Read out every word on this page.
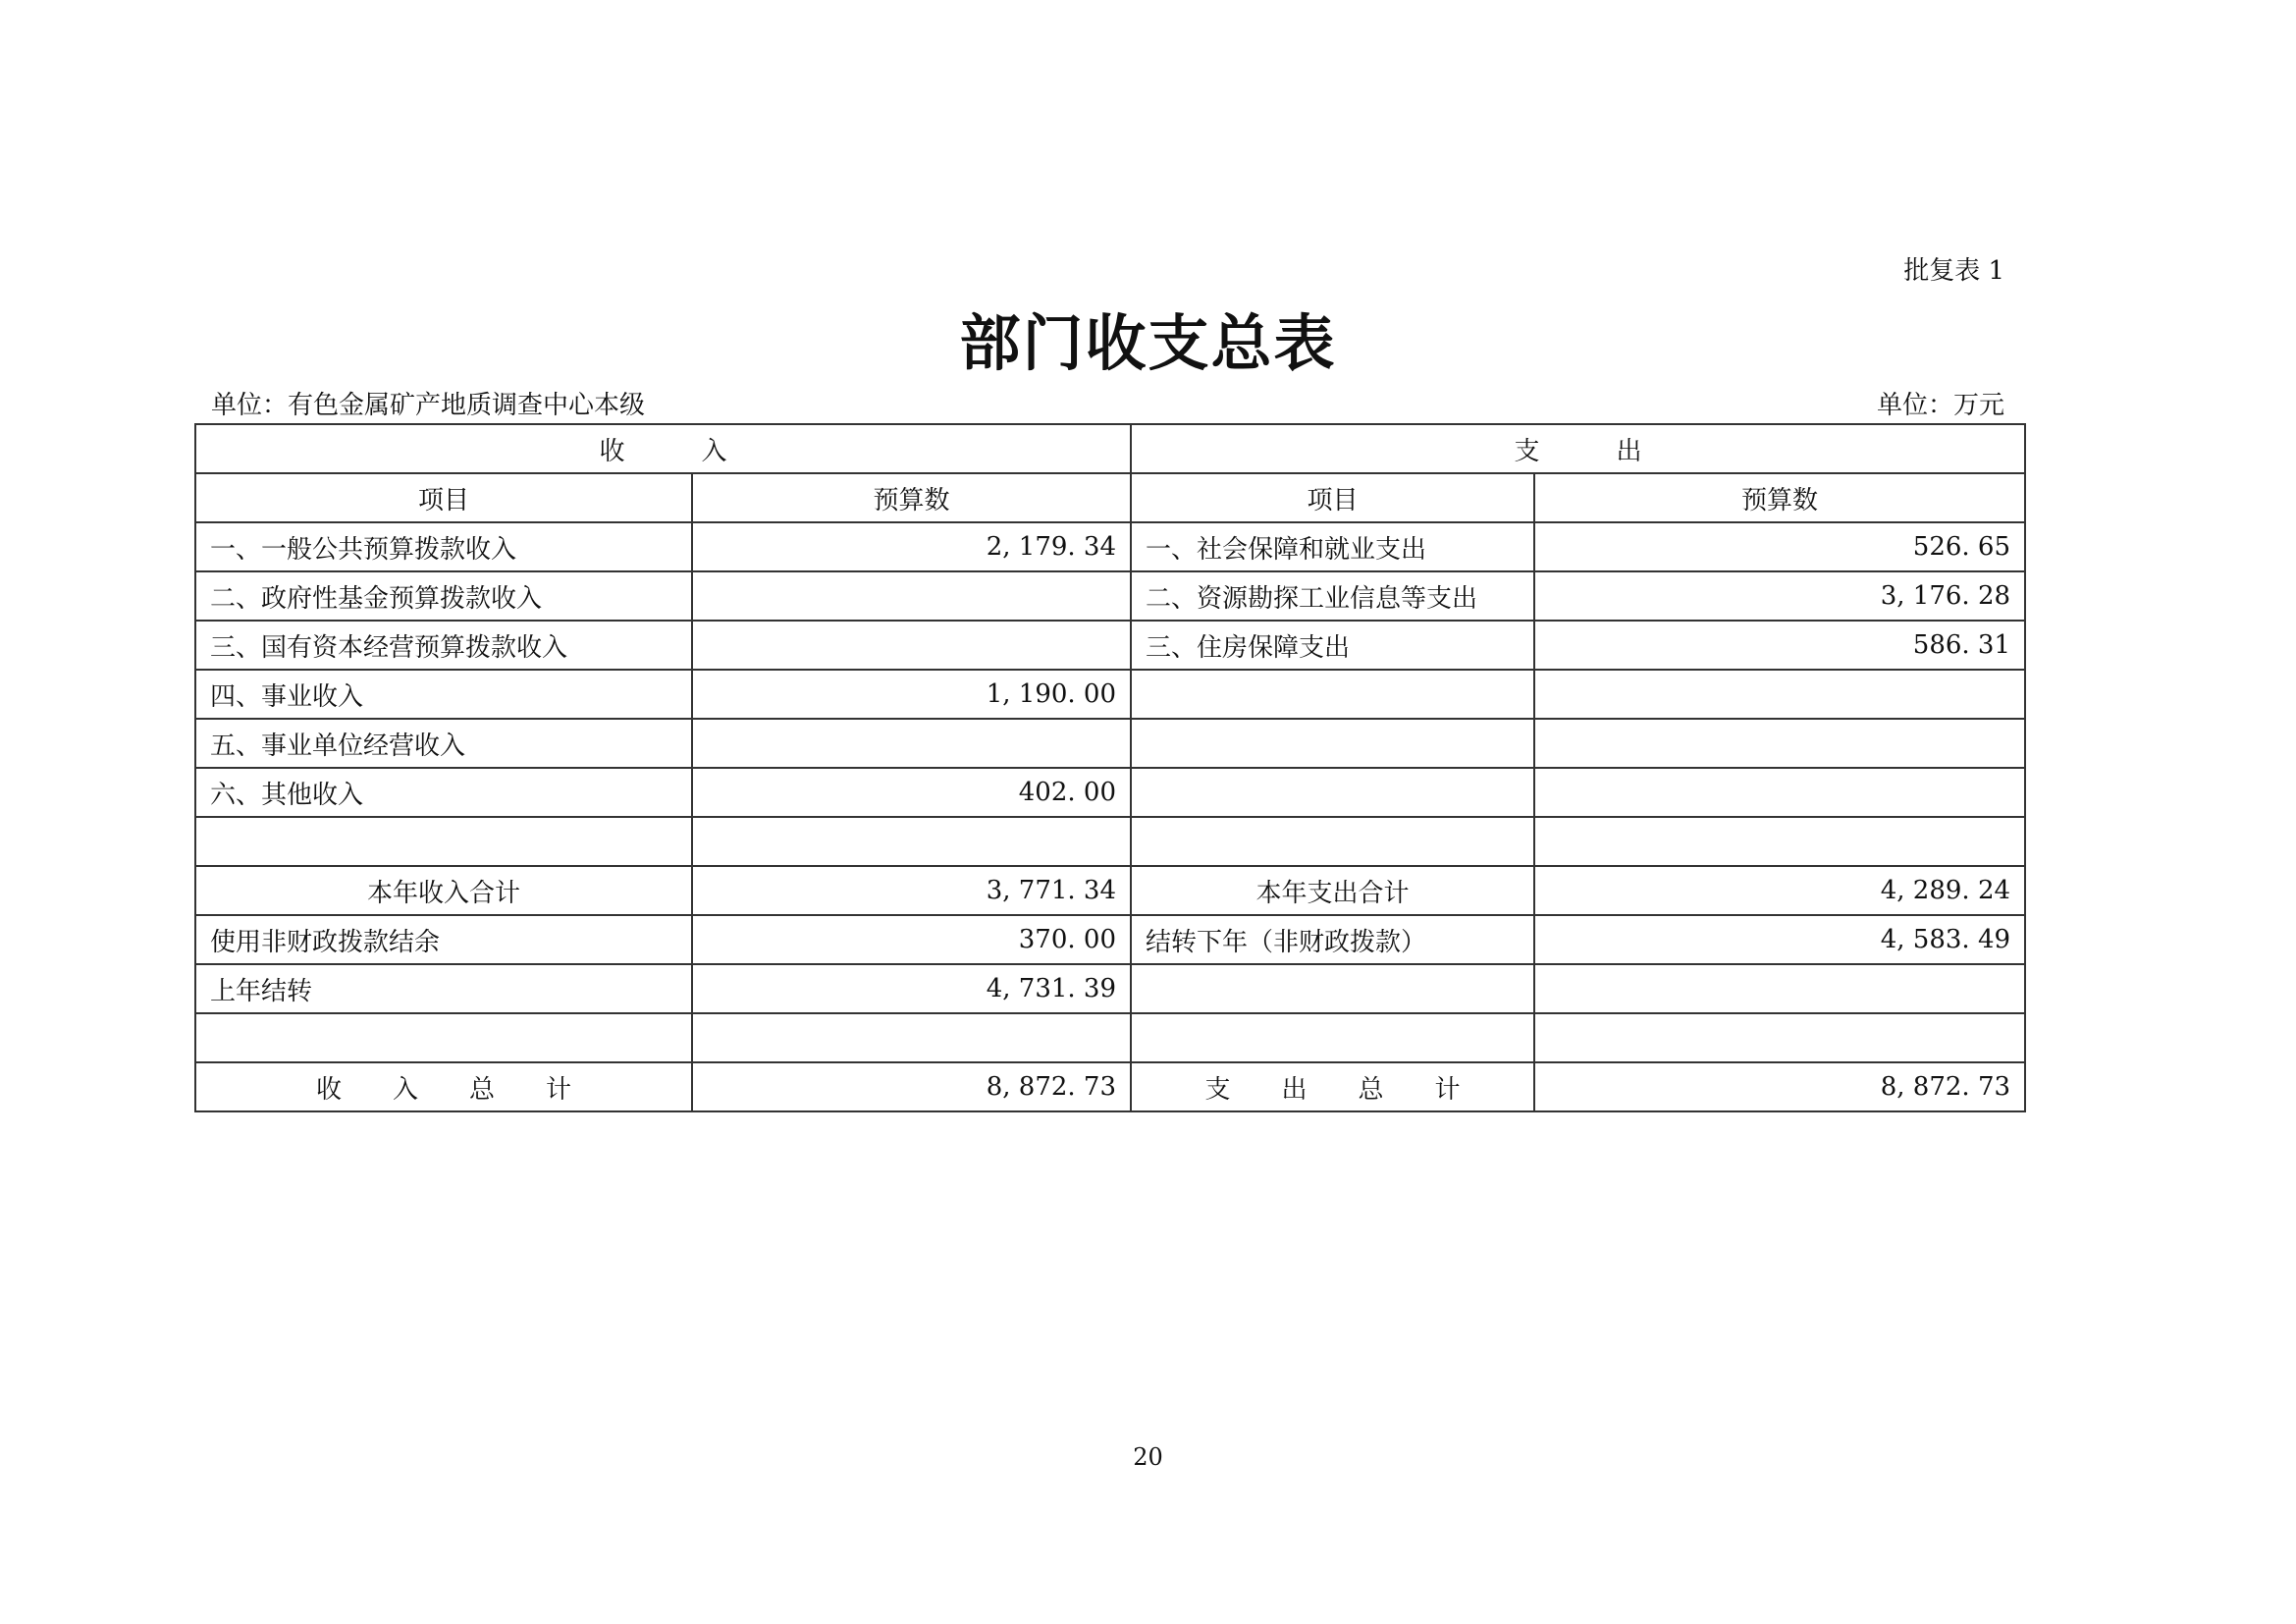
批复表 1
部门收支总表
单位：有色金属矿产地质调查中心本级	单位：万元
收　　　入		支　　　出	
项目	预算数	项目	预算数
一、一般公共预算拨款收入	2, 179. 34	一、社会保障和就业支出	526. 65
二、政府性基金预算拨款收入		二、资源勘探工业信息等支出	3, 176. 28
三、国有资本经营预算拨款收入		三、住房保障支出	586. 31
四、事业收入	1, 190. 00		
五、事业单位经营收入			
六、其他收入	402. 00		

本年收入合计	3, 771. 34	本年支出合计	4, 289. 24
使用非财政拨款结余	370. 00	结转下年（非财政拨款）	4, 583. 49
上年结转	4, 731. 39		

收　　入　　总　　计	8, 872. 73	支　　出　　总　　计	8, 872. 73
20
